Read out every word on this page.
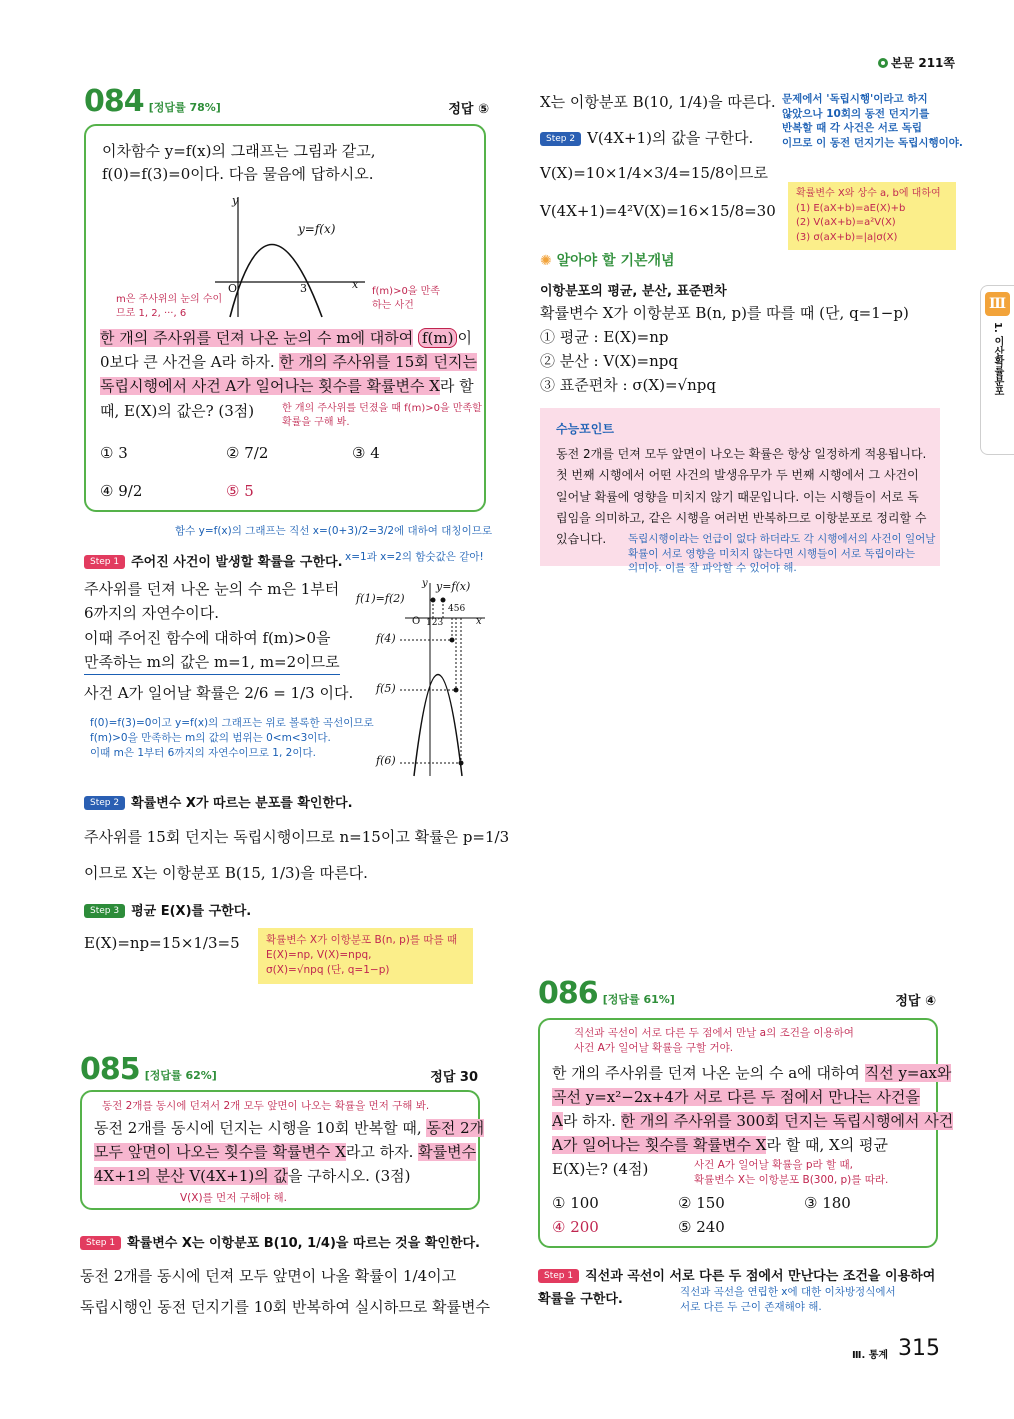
본문 211쪽
Ⅲ
1. 이산확률분포
084 [정답률 78%]	정답 ⑤
이차함수 y=f(x)의 그래프는 그림과 같고,
f(0)=f(3)=0이다. 다음 물음에 답하시오.
y
x
y=f(x)
O	3
m은 주사위의 눈의 수이므로 1, 2, ···, 6
f(m)>0을 만족하는 사건
한 개의 주사위를 던져 나온 눈의 수 m에 대하여 f(m) 이
0보다 큰 사건을 A라 하자. 한 개의 주사위를 15회 던지는
독립시행에서 사건 A가 일어나는 횟수를 확률변수 X라 할
때, E(X)의 값은? (3점)	한 개의 주사위를 던졌을 때 f(m)>0을 만족할 확률을 구해 봐.
① 3	② 7/2	③ 4
④ 9/2	⑤ 5
함수 y=f(x)의 그래프는 직선 x=(0+3)/2=3/2에 대하여 대칭이므로
Step 1 주어진 사건이 발생할 확률을 구한다. x=1과 x=2의 함숫값은 같아!
주사위를 던져 나온 눈의 수 m은 1부터
6까지의 자연수이다.
이때 주어진 함수에 대하여 f(m)>0을
만족하는 m의 값은 m=1, m=2이므로
사건 A가 일어날 확률은 2/6 = 1/3 이다.
y y=f(x)
f(1)=f(2)
456
O 123	x
f(4)
f(5)
f(6)
f(0)=f(3)=0이고 y=f(x)의 그래프는 위로 볼록한 곡선이므로
f(m)>0을 만족하는 m의 값의 범위는 0<m<3이다.
이때 m은 1부터 6까지의 자연수이므로 1, 2이다.
Step 2 확률변수 X가 따르는 분포를 확인한다.
주사위를 15회 던지는 독립시행이므로 n=15이고 확률은 p=1/3
이므로 X는 이항분포 B(15, 1/3)을 따른다.
Step 3 평균 E(X)를 구한다.
E(X)=np=15×1/3=5	확률변수 X가 이항분포 B(n, p)를 따를 때
E(X)=np, V(X)=npq,
σ(X)=√npq (단, q=1−p)
085 [정답률 62%]	정답 30
동전 2개를 동시에 던져서 2개 모두 앞면이 나오는 확률을 먼저 구해 봐.
동전 2개를 동시에 던지는 시행을 10회 반복할 때, 동전 2개
모두 앞면이 나오는 횟수를 확률변수 X라고 하자. 확률변수
4X+1의 분산 V(4X+1)의 값을 구하시오. (3점)
V(X)를 먼저 구해야 해.
Step 1 확률변수 X는 이항분포 B(10, 1/4)을 따르는 것을 확인한다.
동전 2개를 동시에 던져 모두 앞면이 나올 확률이 1/4이고
독립시행인 동전 던지기를 10회 반복하여 실시하므로 확률변수
X는 이항분포 B(10, 1/4)을 따른다. 문제에서 '독립시행'이라고 하지
않았으나 10회의 동전 던지기를
반복할 때 각 사건은 서로 독립
이므로 이 동전 던지기는 독립시행이야.
Step 2 V(4X+1)의 값을 구한다.
V(X)=10×1/4×3/4=15/8이므로
V(4X+1)=4²V(X)=16×15/8=30
확률변수 X와 상수 a, b에 대하여
(1) E(aX+b)=aE(X)+b
(2) V(aX+b)=a²V(X)
(3) σ(aX+b)=|a|σ(X)
✺ 알아야 할 기본개념
이항분포의 평균, 분산, 표준편차
확률변수 X가 이항분포 B(n, p)를 따를 때 (단, q=1−p)
① 평균 : E(X)=np
② 분산 : V(X)=npq
③ 표준편차 : σ(X)=√npq
수능포인트
동전 2개를 던져 모두 앞면이 나오는 확률은 항상 일정하게 적용됩니다.
첫 번째 시행에서 어떤 사건의 발생유무가 두 번째 시행에서 그 사건이
일어날 확률에 영향을 미치지 않기 때문입니다. 이는 시행들이 서로 독
립임을 의미하고, 같은 시행을 여러번 반복하므로 이항분포로 정리할 수
있습니다.	독립시행이라는 언급이 없다 하더라도 각 시행에서의 사건이 일어날
확률이 서로 영향을 미치지 않는다면 시행들이 서로 독립이라는
의미야. 이를 잘 파악할 수 있어야 해.
086 [정답률 61%]	정답 ④
직선과 곡선이 서로 다른 두 점에서 만날 a의 조건을 이용하여
사건 A가 일어날 확률을 구할 거야.
한 개의 주사위를 던져 나온 눈의 수 a에 대하여 직선 y=ax와
곡선 y=x²−2x+4가 서로 다른 두 점에서 만나는 사건을
A라 하자. 한 개의 주사위를 300회 던지는 독립시행에서 사건
A가 일어나는 횟수를 확률변수 X라 할 때, X의 평균
E(X)는? (4점)	사건 A가 일어날 확률을 p라 할 때,
확률변수 X는 이항분포 B(300, p)를 따라.
① 100	② 150	③ 180
④ 200	⑤ 240
Step 1 직선과 곡선이 서로 다른 두 점에서 만난다는 조건을 이용하여
확률을 구한다.	직선과 곡선을 연립한 x에 대한 이차방정식에서
서로 다른 두 근이 존재해야 해.
Ⅲ. 통계 315
